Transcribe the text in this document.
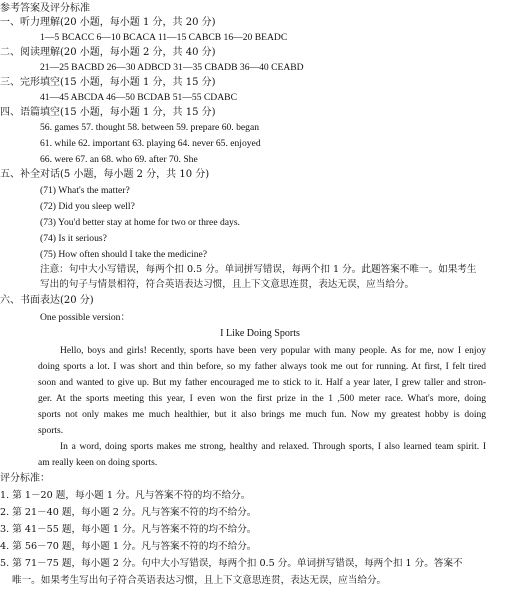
参考答案及评分标准
一、听力理解(20 小题，每小题 1 分，共 20 分)
1—5 BCACC 6—10 BCACA 11—15 CABCB 16—20 BEADC
二、阅读理解(20 小题，每小题 2 分，共 40 分)
21—25 BACBD 26—30 ADBCD 31—35 CBADB 36—40 CEABD
三、完形填空(15 小题，每小题 1 分，共 15 分)
41—45 ABCDA 46—50 BCDAB 51—55 CDABC
四、语篇填空(15 小题，每小题 1 分，共 15 分)
56. games 57. thought 58. between 59. prepare 60. began
61. while 62. important 63. playing 64. never 65. enjoyed
66. were 67. an 68. who 69. after 70. She
五、补全对话(5 小题，每小题 2 分，共 10 分)
(71) What's the matter?
(72) Did you sleep well?
(73) You'd better stay at home for two or three days.
(74) Is it serious?
(75) How often should I take the medicine?
注意：句中大小写错误，每两个扣 0.5 分。单词拼写错误，每两个扣 1 分。此题答案不唯一。如果考生
写出的句子与情景相符，符合英语表达习惯，且上下文意思连贯，表达无误，应当给分。
六、书面表达(20 分)
One possible version：
I Like Doing Sports
Hello, boys and girls! Recently, sports have been very popular with many people. As for me, now I enjoy
doing sports a lot. I was short and thin before, so my father always took me out for running. At first, I felt tired
soon and wanted to give up. But my father encouraged me to stick to it. Half a year later, I grew taller and stron-
ger. At the sports meeting this year, I even won the first prize in the 1 ,500 meter race. What's more, doing
sports not only makes me much healthier, but it also brings me much fun. Now my greatest hobby is doing
sports.
In a word, doing sports makes me strong, healthy and relaxed. Through sports, I also learned team spirit. I
am really keen on doing sports.
评分标准：
1. 第 1－20 题，每小题 1 分。凡与答案不符的均不给分。
2. 第 21－40 题，每小题 2 分。凡与答案不符的均不给分。
3. 第 41－55 题，每小题 1 分。凡与答案不符的均不给分。
4. 第 56－70 题，每小题 1 分。凡与答案不符的均不给分。
5. 第 71－75 题，每小题 2 分。句中大小写错误，每两个扣 0.5 分。单词拼写错误，每两个扣 1 分。答案不
唯一。如果考生写出句子符合英语表达习惯，且上下文意思连贯，表达无误，应当给分。
